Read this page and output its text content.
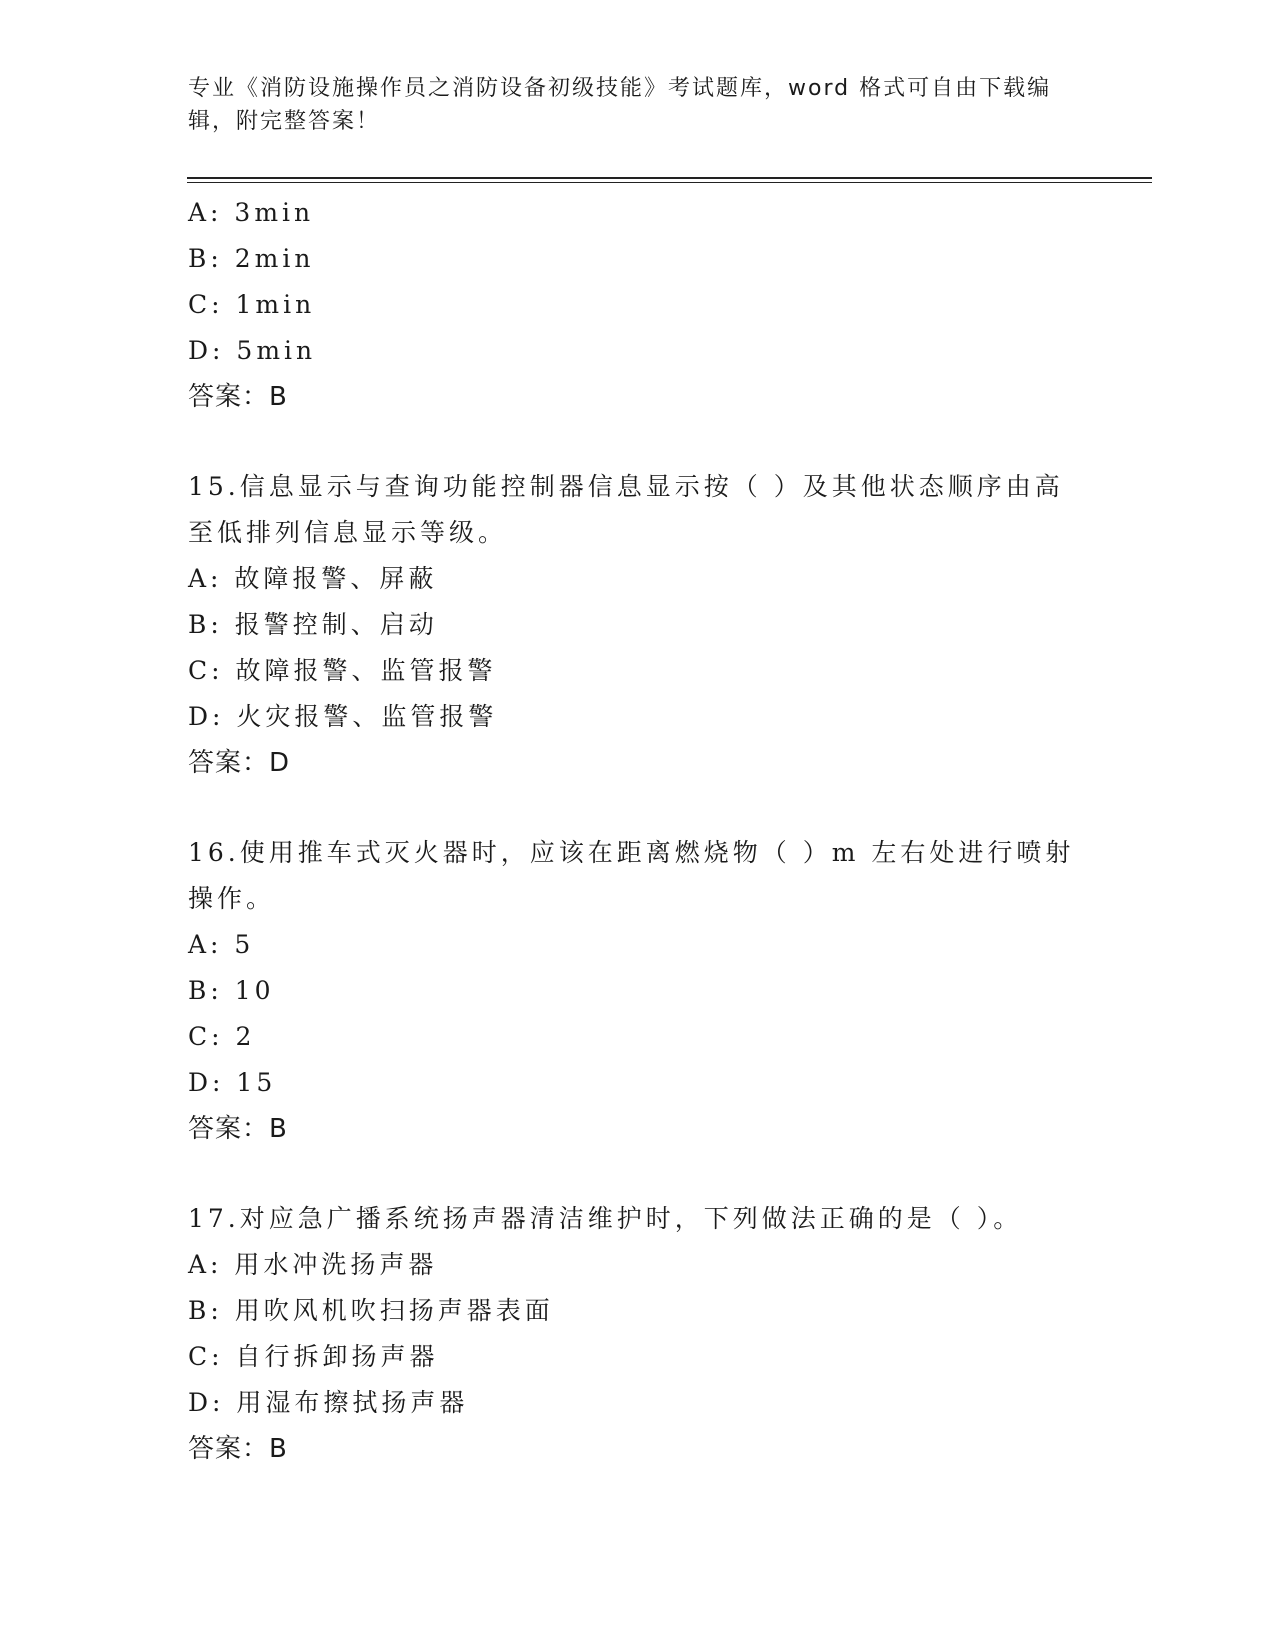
专业《消防设施操作员之消防设备初级技能》考试题库，word 格式可自由下载编辑，附完整答案！
A: 3min
B: 2min
C: 1min
D: 5min
答案：B
15.信息显示与查询功能控制器信息显示按（ ）及其他状态顺序由高至低排列信息显示等级。
A: 故障报警、屏蔽
B: 报警控制、启动
C: 故障报警、监管报警
D: 火灾报警、监管报警
答案：D
16.使用推车式灭火器时，应该在距离燃烧物（ ）m 左右处进行喷射操作。
A: 5
B: 10
C: 2
D: 15
答案：B
17.对应急广播系统扬声器清洁维护时，下列做法正确的是（ ）。
A: 用水冲洗扬声器
B: 用吹风机吹扫扬声器表面
C: 自行拆卸扬声器
D: 用湿布擦拭扬声器
答案：B
